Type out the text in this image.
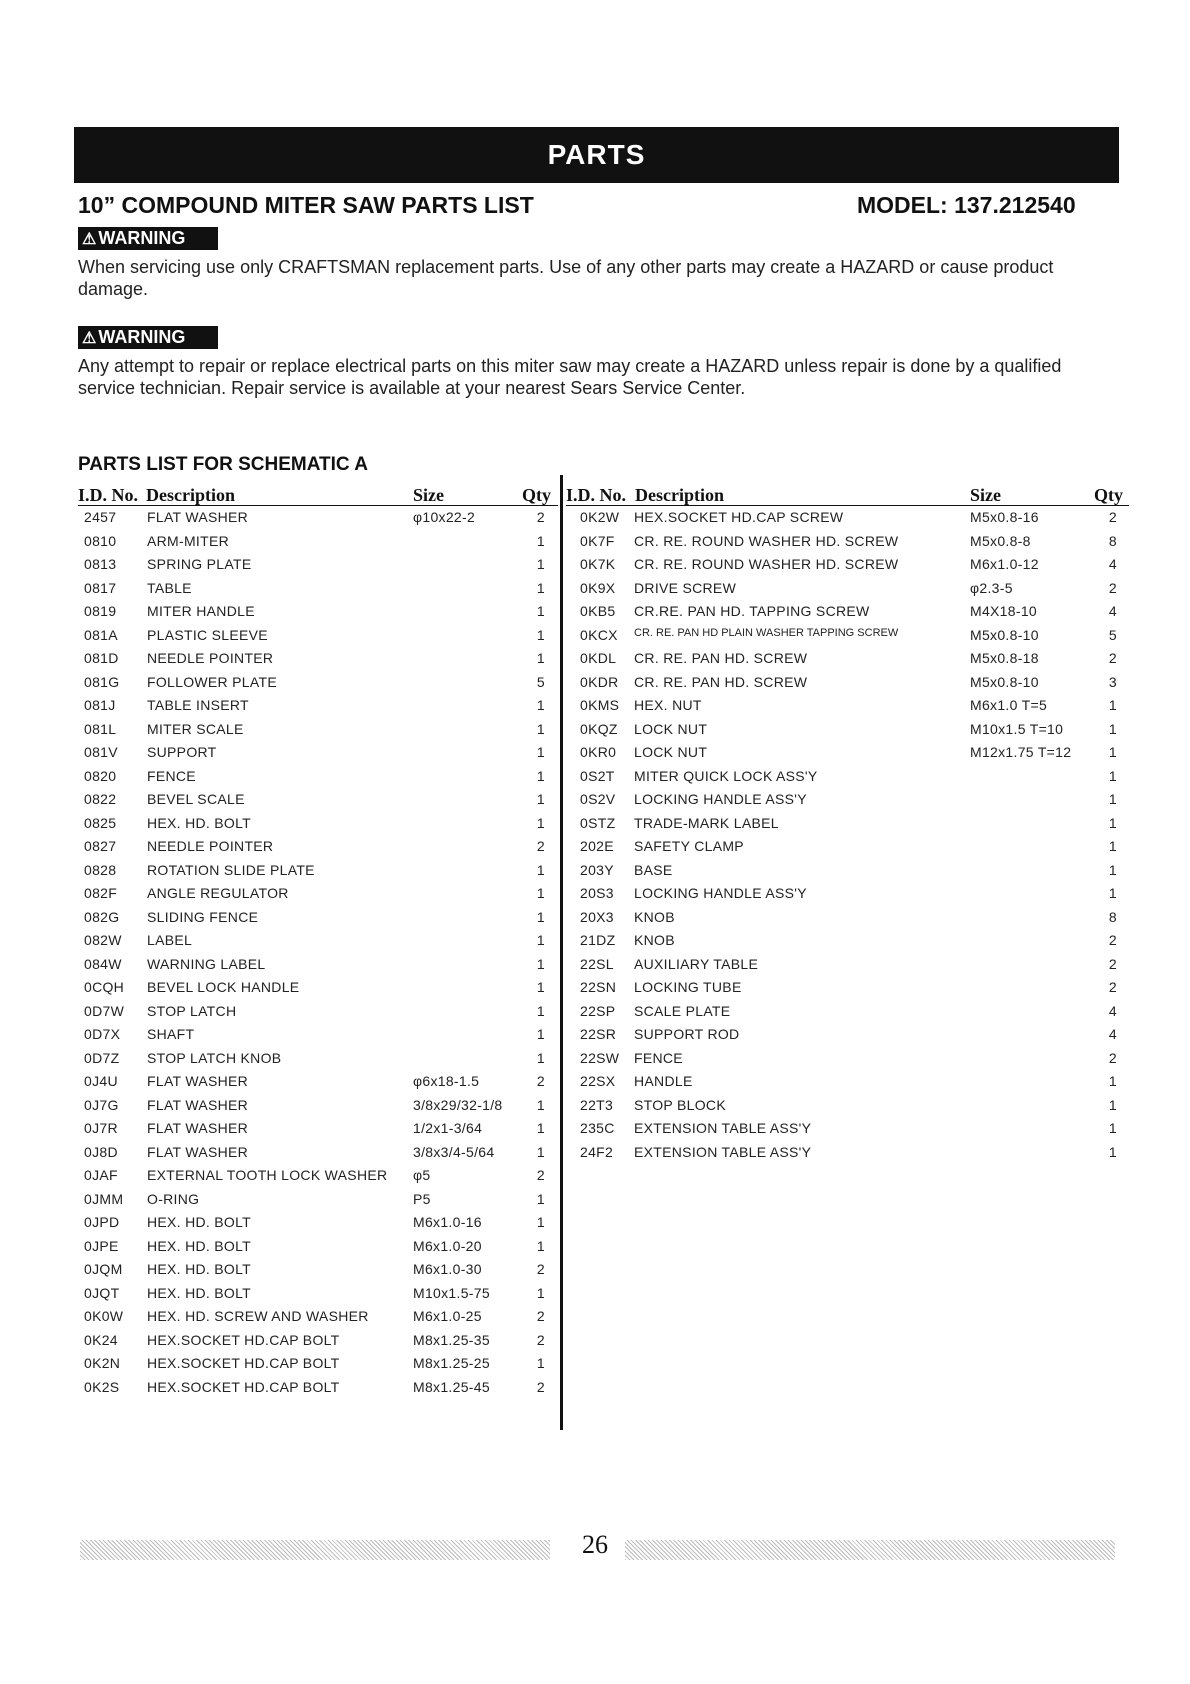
PARTS
10” COMPOUND MITER SAW PARTS LIST	MODEL: 137.212540
⚠ WARNING
When servicing use only CRAFTSMAN replacement parts. Use of any other parts may create a HAZARD or cause product damage.
⚠ WARNING
Any attempt to repair or replace electrical parts on this miter saw may create a HAZARD unless repair is done by a qualified service technician. Repair service is available at your nearest Sears Service Center.
PARTS LIST FOR SCHEMATIC A
I.D. No. Description	Size	Qty
2457 FLAT WASHER	φ10x22-2	2
0810 ARM-MITER	1
0813 SPRING PLATE	1
0817 TABLE	1
0819 MITER HANDLE	1
081A PLASTIC SLEEVE	1
081D NEEDLE POINTER	1
081G FOLLOWER PLATE	5
081J TABLE INSERT	1
081L MITER SCALE	1
081V SUPPORT	1
0820 FENCE	1
0822 BEVEL SCALE	1
0825 HEX. HD. BOLT	1
0827 NEEDLE POINTER	2
0828 ROTATION SLIDE PLATE	1
082F ANGLE REGULATOR	1
082G SLIDING FENCE	1
082W LABEL	1
084W WARNING LABEL	1
0CQH BEVEL LOCK HANDLE	1
0D7W STOP LATCH	1
0D7X SHAFT	1
0D7Z STOP LATCH KNOB	1
0J4U FLAT WASHER	φ6x18-1.5	2
0J7G FLAT WASHER	3/8x29/32-1/8	1
0J7R FLAT WASHER	1/2x1-3/64	1
0J8D FLAT WASHER	3/8x3/4-5/64	1
0JAF EXTERNAL TOOTH LOCK WASHER φ5	2
0JMM O-RING	P5	1
0JPD HEX. HD. BOLT	M6x1.0-16	1
0JPE HEX. HD. BOLT	M6x1.0-20	1
0JQM HEX. HD. BOLT	M6x1.0-30	2
0JQT HEX. HD. BOLT	M10x1.5-75	1
0K0W HEX. HD. SCREW AND WASHER	M6x1.0-25	2
0K24 HEX.SOCKET HD.CAP BOLT	M8x1.25-35	2
0K2N HEX.SOCKET HD.CAP BOLT	M8x1.25-25	1
0K2S HEX.SOCKET HD.CAP BOLT	M8x1.25-45	2
I.D. No. Description	Size	Qty
0K2W HEX.SOCKET HD.CAP SCREW	M5x0.8-16	2
0K7F CR. RE. ROUND WASHER HD. SCREW	M5x0.8-8	8
0K7K CR. RE. ROUND WASHER HD. SCREW	M6x1.0-12	4
0K9X DRIVE SCREW	φ2.3-5	2
0KB5 CR.RE. PAN HD. TAPPING SCREW	M4X18-10	4
0KCX CR. RE. PAN HD PLAIN WASHER TAPPING SCREW	M5x0.8-10	5
0KDL CR. RE. PAN HD. SCREW	M5x0.8-18	2
0KDR CR. RE. PAN HD. SCREW	M5x0.8-10	3
0KMS HEX. NUT	M6x1.0 T=5	1
0KQZ LOCK NUT	M10x1.5 T=10	1
0KR0 LOCK NUT	M12x1.75 T=12	1
0S2T MITER QUICK LOCK ASS'Y	1
0S2V LOCKING HANDLE ASS'Y	1
0STZ TRADE-MARK LABEL	1
202E SAFETY CLAMP	1
203Y BASE	1
20S3 LOCKING HANDLE ASS'Y	1
20X3 KNOB	8
21DZ KNOB	2
22SL AUXILIARY TABLE	2
22SN LOCKING TUBE	2
22SP SCALE PLATE	4
22SR SUPPORT ROD	4
22SW FENCE	2
22SX HANDLE	1
22T3 STOP BLOCK	1
235C EXTENSION TABLE ASS'Y	1
24F2 EXTENSION TABLE ASS'Y	1
26
